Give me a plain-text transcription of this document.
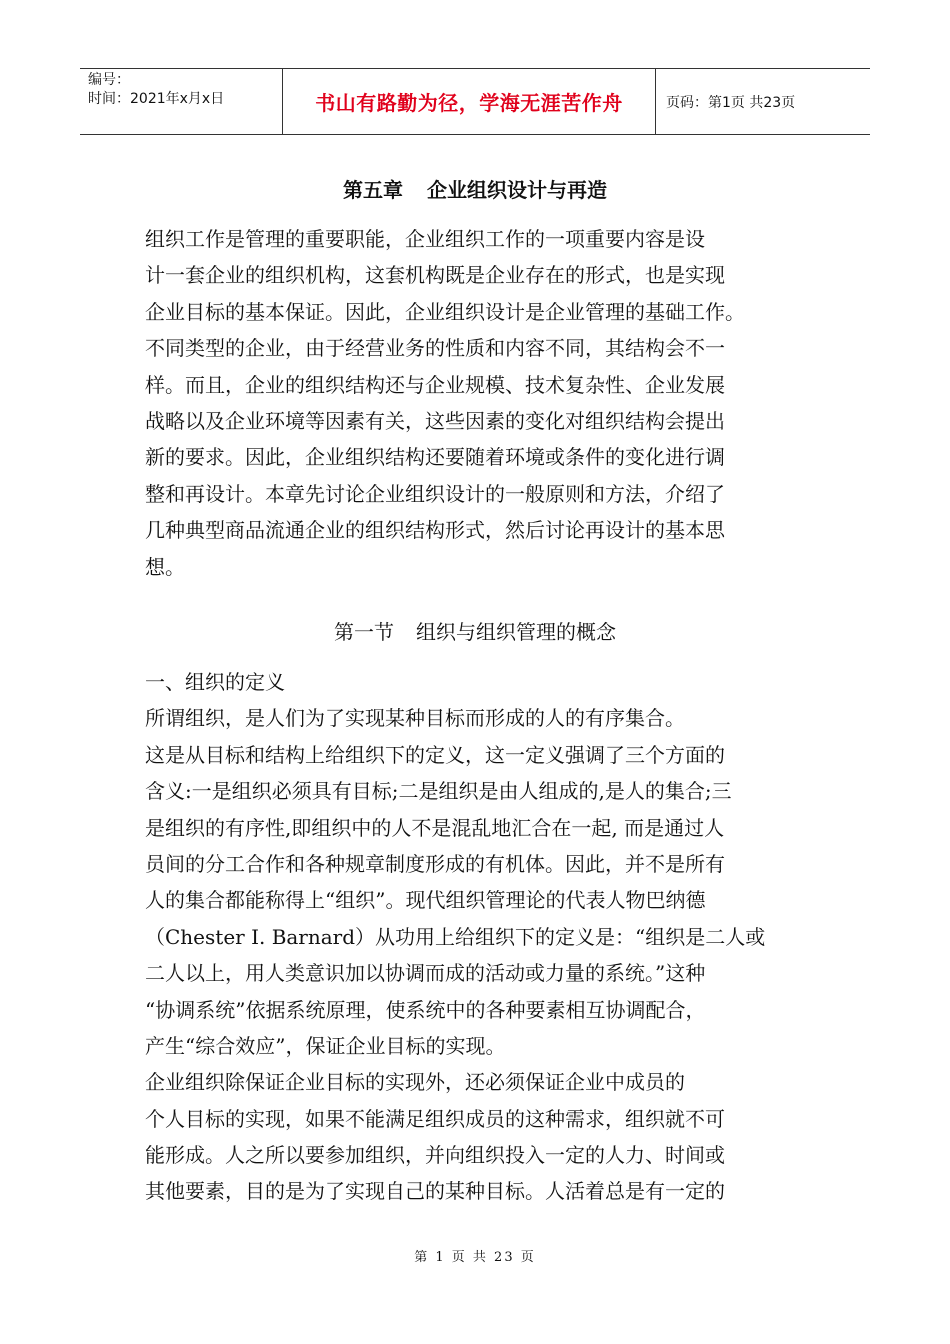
编号：
时间：2021年x月x日	书山有路勤为径，学海无涯苦作舟	页码：第1页 共23页
第五章 企业组织设计与再造
组织工作是管理的重要职能，企业组织工作的一项重要内容是设
计一套企业的组织机构，这套机构既是企业存在的形式，也是实现
企业目标的基本保证。因此，企业组织设计是企业管理的基础工作。
不同类型的企业，由于经营业务的性质和内容不同，其结构会不一
样。而且，企业的组织结构还与企业规模、技术复杂性、企业发展
战略以及企业环境等因素有关，这些因素的变化对组织结构会提出
新的要求。因此，企业组织结构还要随着环境或条件的变化进行调
整和再设计。本章先讨论企业组织设计的一般原则和方法，介绍了
几种典型商品流通企业的组织结构形式，然后讨论再设计的基本思
想。
第一节 组织与组织管理的概念
一、组织的定义
所谓组织，是人们为了实现某种目标而形成的人的有序集合。
这是从目标和结构上给组织下的定义，这一定义强调了三个方面的
含义:一是组织必须具有目标;二是组织是由人组成的,是人的集合;三
是组织的有序性,即组织中的人不是混乱地汇合在一起, 而是通过人
员间的分工合作和各种规章制度形成的有机体。因此，并不是所有
人的集合都能称得上“组织”。现代组织管理论的代表人物巴纳德
（Chester I. Barnard）从功用上给组织下的定义是：“组织是二人或
二人以上，用人类意识加以协调而成的活动或力量的系统。”这种
“协调系统”依据系统原理，使系统中的各种要素相互协调配合，
产生“综合效应”，保证企业目标的实现。
企业组织除保证企业目标的实现外，还必须保证企业中成员的
个人目标的实现，如果不能满足组织成员的这种需求，组织就不可
能形成。人之所以要参加组织，并向组织投入一定的人力、时间或
其他要素，目的是为了实现自己的某种目标。人活着总是有一定的
第 1 页 共 23 页
